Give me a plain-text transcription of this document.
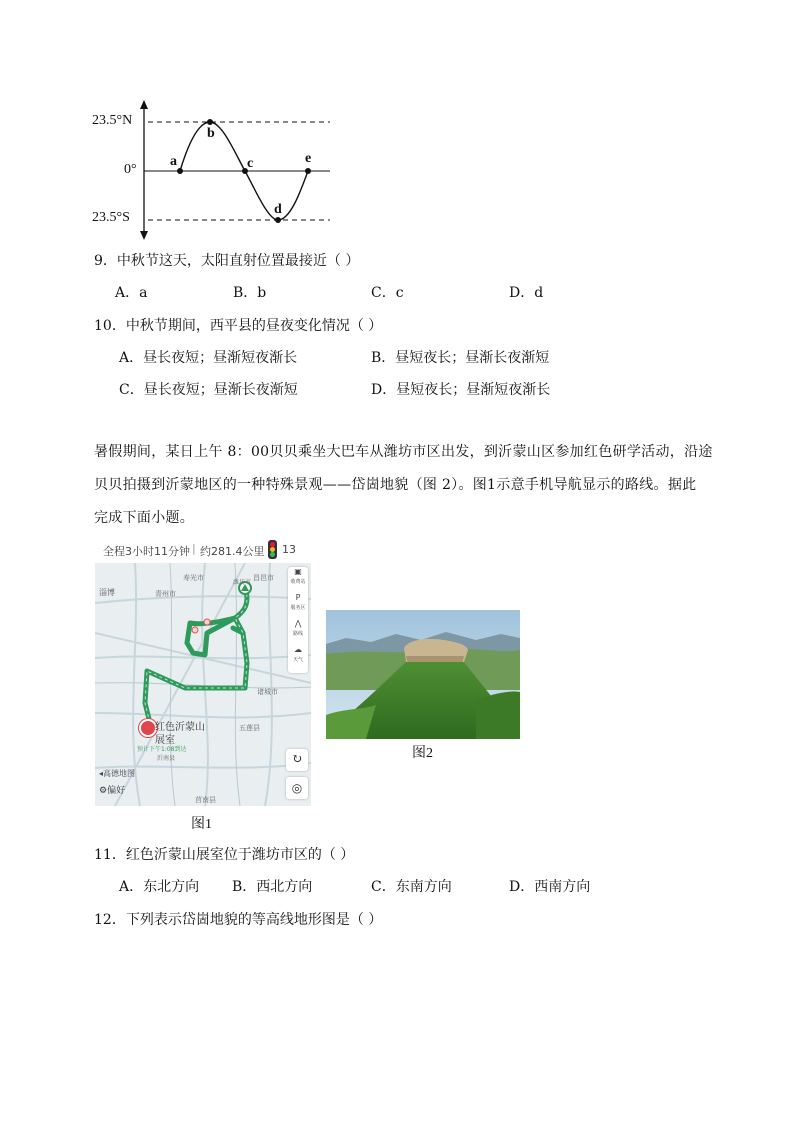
23.5°N
0°
23.5°S
a
b
c
d
e
9．中秋节这天，太阳直射位置最接近（ ）
A．a	B．b	C．c	D．d
10．中秋节期间，西平县的昼夜变化情况（ ）
A．昼长夜短；昼渐短夜渐长	B．昼短夜长；昼渐长夜渐短
C．昼长夜短；昼渐长夜渐短	D．昼短夜长；昼渐短夜渐长
暑假期间，某日上午 8：00贝贝乘坐大巴车从潍坊市区出发，到沂蒙山区参加红色研学活动，沿途
贝贝拍摄到沂蒙地区的一种特殊景观——岱崮地貌（图 2）。图1示意手机导航显示的路线。据此
完成下面小题。
全程3小时11分钟 | 约281.4公里 13
淄博
寿光市
青州市
昌邑市
潍坊市
诸城市
五莲县
莒南县
沂南县
红色沂蒙山
展室
预计下午1:08到达
▣
收费站
P
服务区
⋀
路线
☁
天气
↻
◎
◂高德地图
⚙偏好
图1
图2
11．红色沂蒙山展室位于潍坊市区的（ ）
A．东北方向 B．西北方向	C．东南方向	D．西南方向
12．下列表示岱崮地貌的等高线地形图是（ ）
